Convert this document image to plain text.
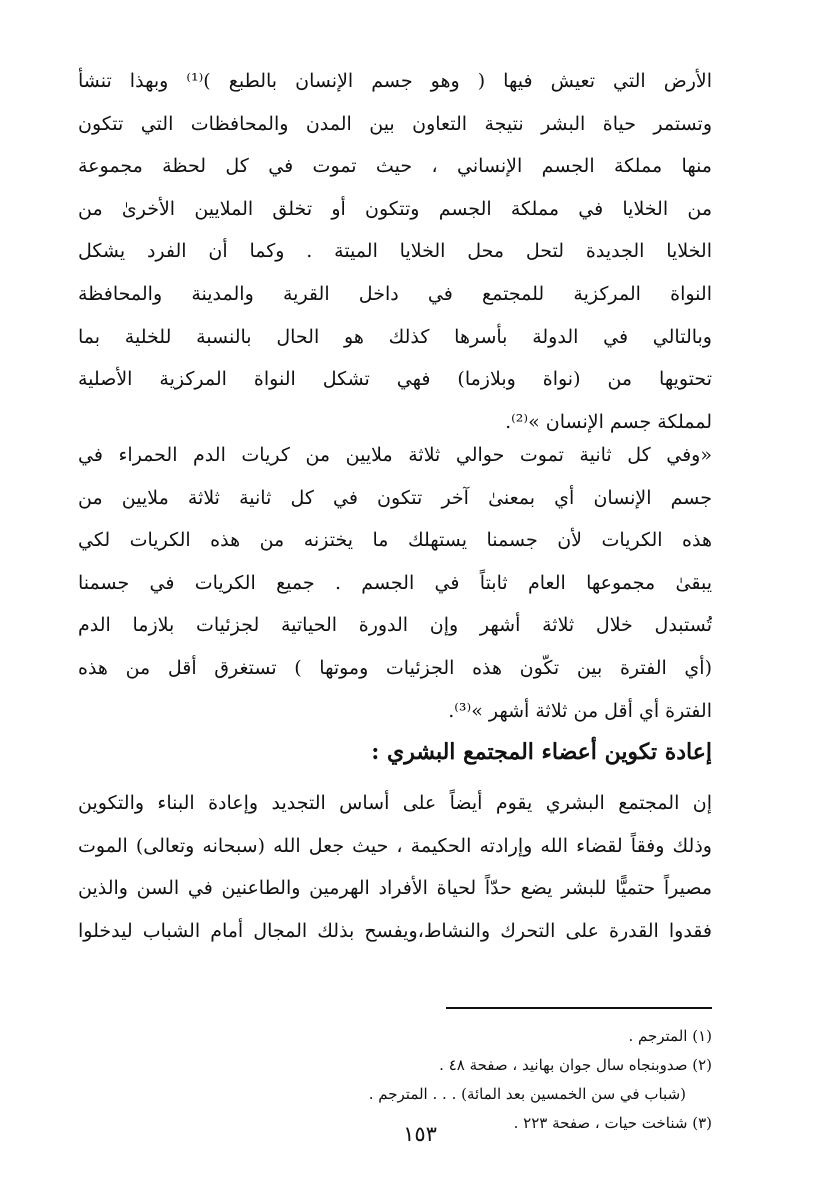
الأرض التي تعيش فيها ( وهو جسم الإنسان بالطبع )⁽¹⁾ وبهذا تنشأ
وتستمر حياة البشر نتيجة التعاون بين المدن والمحافظات التي تتكون
منها مملكة الجسم الإنساني ، حيث تموت في كل لحظة مجموعة
من الخلايا في مملكة الجسم وتتكون أو تخلق الملايين الأخرىٰ من
الخلايا الجديدة لتحل محل الخلايا الميتة . وكما أن الفرد يشكل
النواة المركزية للمجتمع في داخل القرية والمدينة والمحافظة
وبالتالي في الدولة بأسرها كذلك هو الحال بالنسبة للخلية بما
تحتويها من (نواة وبلازما) فهي تشكل النواة المركزية الأصلية
لمملكة جسم الإنسان »⁽²⁾.
«وفي كل ثانية تموت حوالي ثلاثة ملايين من كريات الدم الحمراء في
جسم الإنسان أي بمعنىٰ آخر تتكون في كل ثانية ثلاثة ملايين من
هذه الكريات لأن جسمنا يستهلك ما يختزنه من هذه الكريات لكي
يبقىٰ مجموعها العام ثابتاً في الجسم . جميع الكريات في جسمنا
تُستبدل خلال ثلاثة أشهر وإن الدورة الحياتية لجزئيات بلازما الدم
(أي الفترة بين تكّون هذه الجزئيات وموتها ) تستغرق أقل من هذه
الفترة أي أقل من ثلاثة أشهر »⁽³⁾.
إعادة تكوين أعضاء المجتمع البشري :
إن المجتمع البشري يقوم أيضاً على أساس التجديد وإعادة البناء والتكوين
وذلك وفقاً لقضاء الله وإرادته الحكيمة ، حيث جعل الله (سبحانه وتعالى) الموت
مصيراً حتميًّا للبشر يضع حدّاً لحياة الأفراد الهرمين والطاعنين في السن والذين
فقدوا القدرة على التحرك والنشاط،ويفسح بذلك المجال أمام الشباب ليدخلوا
(١) المترجم .
(٢) صدوبنجاه سال جوان بهانيد ، صفحة ٤٨ .
(شباب في سن الخمسين بعد المائة) . . . المترجم .
(٣) شناخت حيات ، صفحة ٢٢٣ .
١٥٣
